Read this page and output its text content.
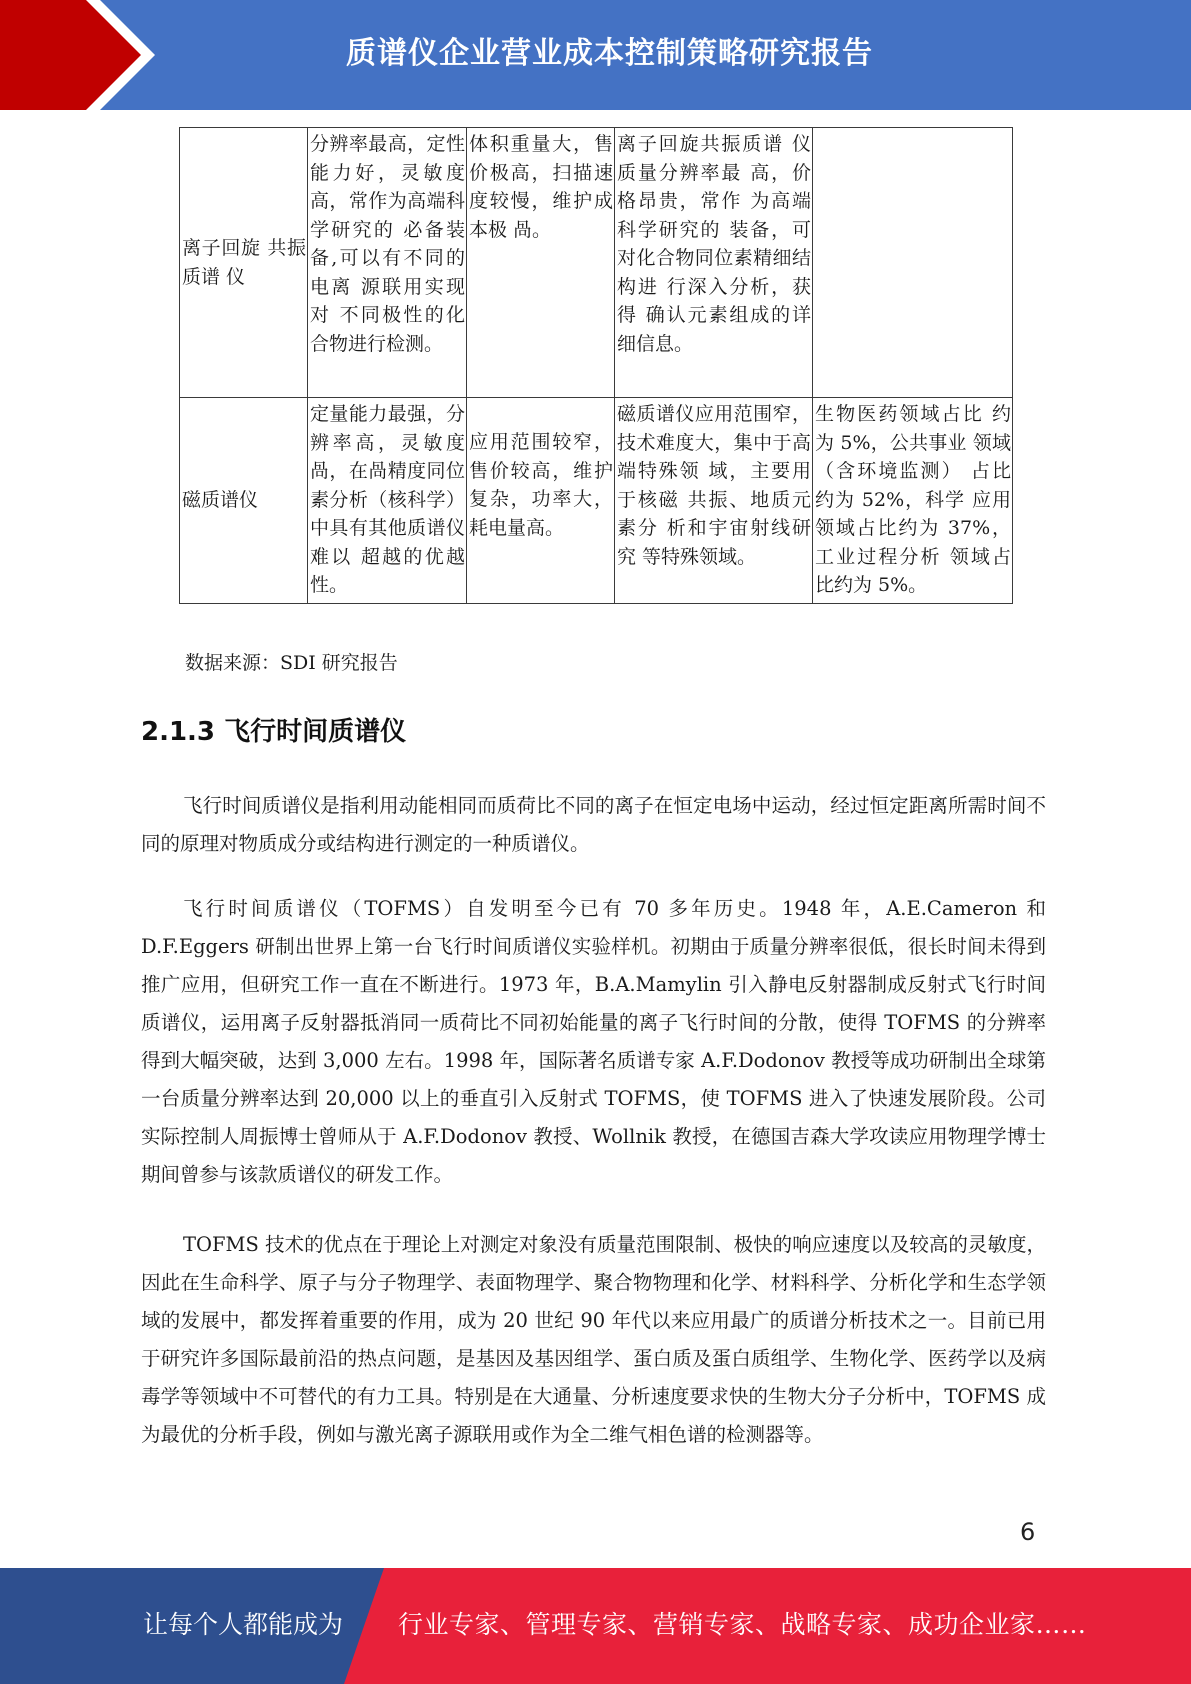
质谱仪企业营业成本控制策略研究报告
离子回旋 共振质谱 仪	分辨率最高，定性能力好，灵敏度高，常作为高端科学研究的 必备装备,可以有不同的电离 源联用实现对 不同极性的化 合物进行检测。	体积重量大，售价极高，扫描速度较慢，维护成本极 咼。	离子回旋共振质谱 仪质量分辨率最 高，价格昂贵，常作 为高端科学研究的 装备，可对化合物同位素精细结构进 行深入分析，获得 确认元素组成的详 细信息。	
磁质谱仪	定量能力最强，分辨率高，灵敏度咼，在咼精度同位素分析（核科学）中具有其他质谱仪难以 超越的优越性。	应用范围较窄，售价较高，维护复杂，功率大，耗电量高。	磁质谱仪应用范围窄，技术难度大，集中于高端特殊领 域，主要用于核磁 共振、地质元素分 析和宇宙射线研究 等特殊领域。	生物医药领域占比 约为 5%，公共事业 领域（含环境监测） 占比约为 52%，科学 应用领域占比约为 37%，工业过程分析 领域占比约为 5%。
数据来源：SDI 研究报告
2.1.3 飞行时间质谱仪

飞行时间质谱仪是指利用动能相同而质荷比不同的离子在恒定电场中运动，经过恒定距离所需时间不同的原理对物质成分或结构进行测定的一种质谱仪。

飞行时间质谱仪（TOFMS）自发明至今已有 70 多年历史。1948 年，A.E.Cameron 和 D.F.Eggers 研制出世界上第一台飞行时间质谱仪实验样机。初期由于质量分辨率很低，很长时间未得到推广应用，但研究工作一直在不断进行。1973 年，B.A.Mamylin 引入静电反射器制成反射式飞行时间质谱仪，运用离子反射器抵消同一质荷比不同初始能量的离子飞行时间的分散，使得 TOFMS 的分辨率得到大幅突破，达到 3,000 左右。1998 年，国际著名质谱专家 A.F.Dodonov 教授等成功研制出全球第一台质量分辨率达到 20,000 以上的垂直引入反射式 TOFMS，使 TOFMS 进入了快速发展阶段。公司实际控制人周振博士曾师从于 A.F.Dodonov 教授、Wollnik 教授，在德国吉森大学攻读应用物理学博士期间曾参与该款质谱仪的研发工作。

TOFMS 技术的优点在于理论上对测定对象没有质量范围限制、极快的响应速度以及较高的灵敏度，因此在生命科学、原子与分子物理学、表面物理学、聚合物物理和化学、材料科学、分析化学和生态学领域的发展中，都发挥着重要的作用，成为 20 世纪 90 年代以来应用最广的质谱分析技术之一。目前已用于研究许多国际最前沿的热点问题，是基因及基因组学、蛋白质及蛋白质组学、生物化学、医药学以及病毒学等领域中不可替代的有力工具。特别是在大通量、分析速度要求快的生物大分子分析中，TOFMS 成为最优的分析手段，例如与激光离子源联用或作为全二维气相色谱的检测器等。

6
让每个人都能成为 行业专家、管理专家、营销专家、战略专家、成功企业家……
